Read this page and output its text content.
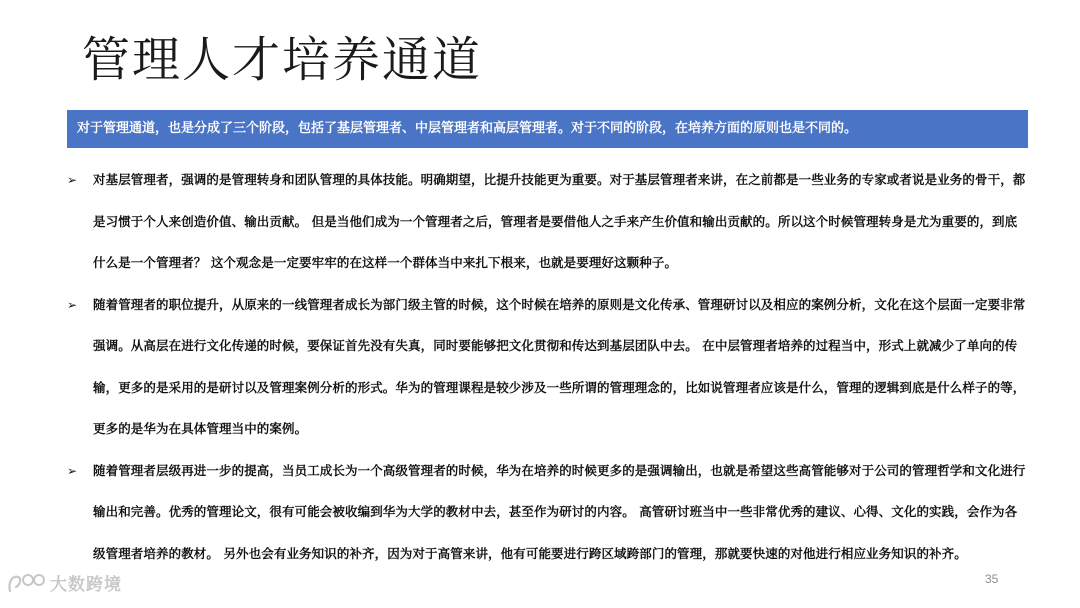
管理人才培养通道
对于管理通道，也是分成了三个阶段，包括了基层管理者、中层管理者和高层管理者。对于不同的阶段，在培养方面的原则也是不同的。
➢	对基层管理者，强调的是管理转身和团队管理的具体技能。明确期望，比提升技能更为重要。对于基层管理者来讲，在之前都是一些业务的专家或者说是业务的骨干，都是习惯于个人来创造价值、输出贡献。 但是当他们成为一个管理者之后，管理者是要借他人之手来产生价值和输出贡献的。所以这个时候管理转身是尤为重要的，到底什么是一个管理者？ 这个观念是一定要牢牢的在这样一个群体当中来扎下根来，也就是要理好这颗种子。
➢	随着管理者的职位提升，从原来的一线管理者成长为部门级主管的时候，这个时候在培养的原则是文化传承、管理研讨以及相应的案例分析，文化在这个层面一定要非常强调。从高层在进行文化传递的时候，要保证首先没有失真，同时要能够把文化贯彻和传达到基层团队中去。 在中层管理者培养的过程当中，形式上就减少了单向的传输，更多的是采用的是研讨以及管理案例分析的形式。华为的管理课程是较少涉及一些所谓的管理理念的，比如说管理者应该是什么，管理的逻辑到底是什么样子的等，更多的是华为在具体管理当中的案例。
➢	随着管理者层级再进一步的提高，当员工成长为一个高级管理者的时候，华为在培养的时候更多的是强调输出，也就是希望这些高管能够对于公司的管理哲学和文化进行输出和完善。优秀的管理论文，很有可能会被收编到华为大学的教材中去，甚至作为研讨的内容。 高管研讨班当中一些非常优秀的建议、心得、文化的实践，会作为各级管理者培养的教材。 另外也会有业务知识的补齐，因为对于高管来讲，他有可能要进行跨区域跨部门的管理，那就要快速的对他进行相应业务知识的补齐。
35
大数跨境
